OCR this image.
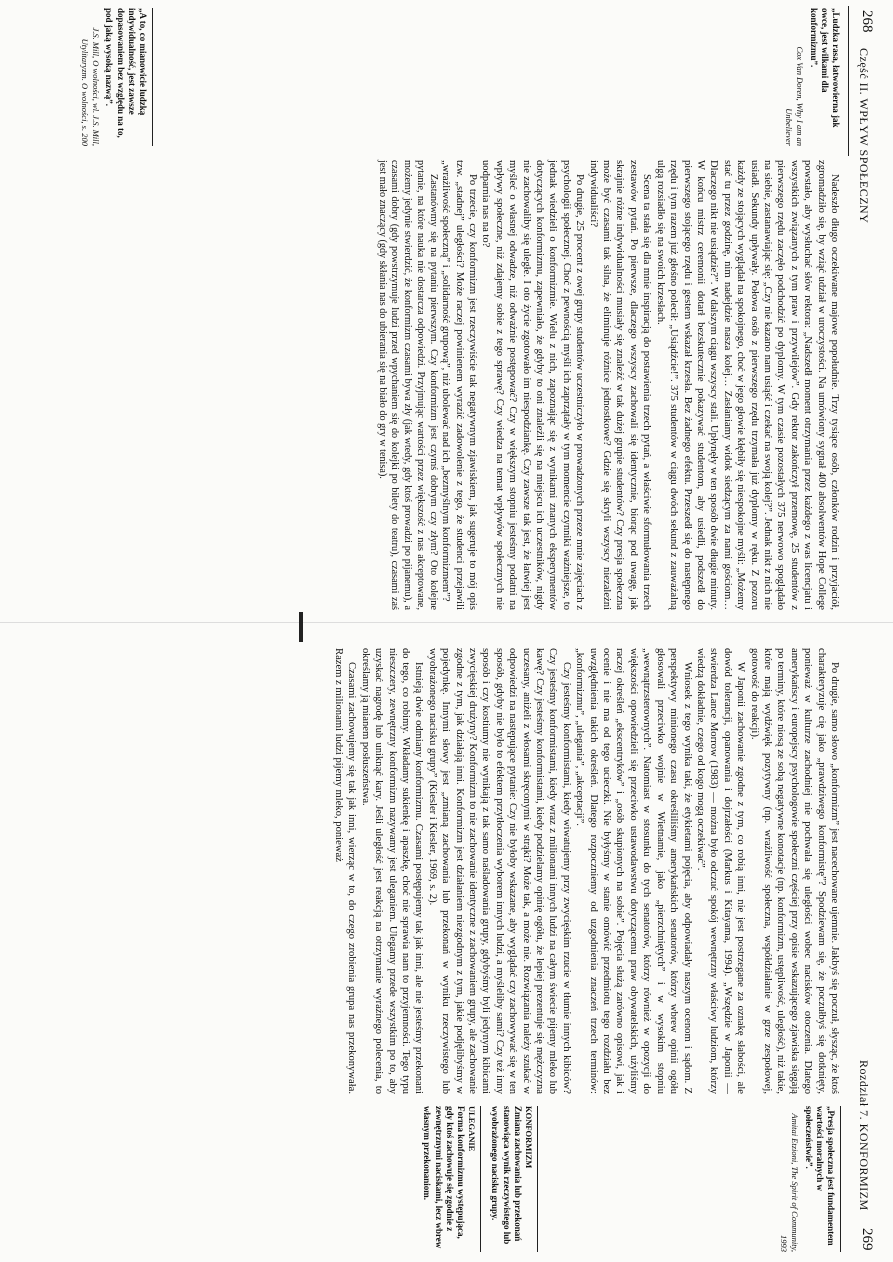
268
Część II. WPŁYW SPOŁECZNY
„Ludzka rasa, łatwowierna jak owce, jest wilkami dla konformizmu”.
Cox Van Doren, Why I am an Unbeliever

Nadeszło długo oczekiwane majowe popołudnie. Trzy tysiące osób, członków rodzin i przyjaciół, zgromadziło się, by wziąć udział w uroczystości. Na umówiony sygnał 400 absolwentów Hope College powstało, aby wysłuchać słów rektora: „Nadszedł moment otrzymania przez każdego z was licencjatu i wszystkich związanych z tym praw i przywilejów”. Gdy rektor zakończył przemowę, 25 studentów z pierwszego rzędu zaczęło podchodzić po dyplomy. W tym czasie pozostałych 375 nerwowo spoglądało na siebie, zastanawiając się: „Czy nie kazano nam usiąść i czekać na swoją kolej?”. Jednak nikt z nich nie usiadł. Sekundy upływały. Połowa osób z pierwszego rzędu trzymała już dyplomy w ręku. Z pozoru każdy ze stojących wyglądał na spokojnego, choć w jego głowie kłębiły się niespokojne myśli: „Możemy stać tu przez godzinę, nim nadejdzie nasza kolej… Zasłaniamy widok siedzącym za nami gościom… Dlaczego nikt nie usiądzie?”. W dalszym ciągu wszyscy stali. Upłynęły w ten sposób dwie długie minuty. W końcu mistrz ceremonii dotarł bezskutecznie pokazywać studentom, aby usiedli, podszedł do pierwszego stojącego rzędu i gestem wskazał krzesła. Bez żadnego efektu. Przeszedł się do następnego rzędu i tym razem już głośno polecił: „Usiądźcie!”. 375 studentów w ciągu dwóch sekund z zauważalną ulgą rozsiadło się na swoich krzesłach.

Scena ta stała się dla mnie inspiracją do postawienia trzech pytań, a właściwie sformułowania trzech zestawów pytań. Po pierwsze, dlaczego wszyscy zachowali się identycznie, biorąc pod uwagę, jak skrajnie różne indywidualności musiały się znaleźć w tak dużej grupie studentów? Czy presja społeczna może być czasami tak silna, że eliminuje różnice jednostkowe? Gdzie się skryli wszyscy niezależni indywidualiści?

Po drugie, 25 procent z owej grupy studentów uczestniczyło w prowadzonych przeze mnie zajęciach z psychologii społecznej. Choć z pewnością myśli ich zaprzątały w tym momencie czynniki ważniejsze, to jednak wiedzieli o konformizmie. Wielu z nich, zapoznając się z wynikami znanych eksperymentów dotyczących konformizmu, zapewniało, że gdyby to oni znaleźli się na miejscu ich uczestników, nigdy nie zachowaliby się uległe. I oto życie zgotowało im niespodziankę. Czy zawsze tak jest, że łatwiej jest myśleć o własnej odwadze, niż odważnie postępować? Czy w większym stopniu jesteśmy podatni na wpływy społeczne, niż zdajemy sobie z tego sprawę? Czy wiedza na temat wpływów społecznych nie uodparnia nas na to?

Po trzecie, czy konformizm jest rzeczywiście tak negatywnym zjawiskiem, jak sugeruje to mój opis tzw. „stadnej” uległości? Może raczej powinienem wyrazić zadowolenie z tego, że studenci przejawili „wrażliwość społeczną” i „solidarność grupową”, niż ubolewać nad ich „bezmyślnym konformizmem”?

Zastanówmy się na pytaniu pierwszym. Czy konformizm jest czymś dobrym czy złym? Oto kolejne pytanie, na które nauka nie dostarcza odpowiedzi. Przyjmując wartości przez większość z nas akceptowane, możemy jedynie stwierdzić, że konformizm czasami bywa zły (jak wtedy, gdy ktoś prowadzi po pijanemu), a czasami dobry (gdy powstrzymuje ludzi przed wpychaniem się do kolejki po bilety do teatru), czasami zaś jest mało znaczący (gdy skłania nas do ubierania się na biało do gry w tenisa).

„A to, co mianowicie ludzką indywidualność, jest zawsze dopasowaniem bez względu na to, pod jaką wysoką nazwą”.
J.S. Mill, O wolności, wl. J.S. Mill, Utylitaryzm. O wolności, s. 200
Rozdział 7. KONFORMIZM
269

Po drugie, samo słowo „konformizm” jest nacechowane ujemnie. Jakbyś się poczuł, słysząc, że ktoś charakteryzuje cię jako „prawdziwego konformistę”? Spodziewam się, że poczułbyś się dotknięty, ponieważ w kulturze zachodniej nie pochwala się uległości wobec nacisków otoczenia. Dlatego amerykańscy i europejscy psychologowie społeczni częściej przy opisie wskazującego zjawiska sięgają po terminy, które niosą ze sobą negatywne konotacje (np. konformizm, ustępliwość, uległość), niż takie, które mają wydźwięk pozytywny (np. wrażliwość społeczna, współdziałanie w grze zespołowej, gotowość do reakcji).

W Japonii zachowanie zgodne z tym, co robią inni, nie jest postrzegane za oznakę słabości, ale dowód tolerancji, opanowania i dojrzałości (Markus i Kitayama, 1994). „Wszędzie w Japonii — stwierdza Lance Morrow (1983) — można było odczuć spokój wewnętrzny właściwy ludziom, którzy wiedzą dokładnie, czego od kogo mogą oczekiwać”.

Wniosek z tego wynika taki, że etykietami pojęcia, aby odpowiadały naszym ocenom i sądom. Z perspektywy minionego czasu określiliśmy amerykańskich senatorów, którzy wbrew opinii ogółu głosowali przeciwko wojnie w Wietnamie, jako „pierzchniętych” i w wysokim stopniu „wewnątrzsterownych”. Natomiast w stosunku do tych senatorów, którzy również w opozycji do większości opowiedzieli się przeciwko ustawodawstwu dotyczącemu praw obywatelskich, użyliśmy raczej określeń „ekscentryków” i „osób skupionych na sobie”. Pojęcia służą zarówno opisowi, jak i ocenie i nie ma od tego ucieczki. Nie byłyśmy w stanie omówić przedmiotu tego rozdziału bez uwzględnienia takich określeń. Dlatego rozpoczniemy od uzgodnienia znaczeń trzech terminów: „konformizmu”, „ulegania”, „akceptacji”.

Czy jesteśmy konformistami, kiedy wiwatujemy przy zwycięskim rzucie w tłumie innych kibiców? Czy jesteśmy konformistami, kiedy wraz z milionami innych ludzi na całym świecie pijemy mleko lub kawę? Czy jesteśmy konformistami, kiedy podzielamy opinię ogółu, że lepiej prezentuje się mężczyzna uczesany, aniżeli z włosami skręconymi w strąki? Może tak, a może nie. Rozwiązania należy szukać w odpowiedzi na następujące pytanie: Czy nie byłoby wskazane, aby wyglądać czy zachowywać się w ten sposób, gdyby nie było to efektem przytłoczenia wyborem innych ludzi, a myśleliby sami? Czy też inny sposób i czy kostiumy nie wynikają z tak samo naśladowania grupy, gdybyśmy byli jedynym kibicami zwycięskiej drużyny? Konformizm to nie zachowanie identyczne z zachowaniem grupy, ale zachowanie zgodne z tym, jak działają inni. Konformizm jest działaniem niezgodnym z tym, jakie podjęlibyśmy w pojedynkę. Innymi słowy jest „zmianą zachowania lub przekonań w wyniku rzeczywistego lub wyobrażonego nacisku grupy” (Kiesler i Kiesler, 1969, s. 2).

Istnieją dwie odmiany konformizmu. Czasami postępujemy tak jak inni, ale nie jesteśmy przekonani do tego, co robimy. Wkładamy sukienkę i apaszkę, choć nie sprawia nam to przyjemności. Tego typu nieszczery, zewnętrzny konformizm nazywamy jest uleganiem. Ulegamy przede wszystkim po to, aby uzyskać nagrodę lub uniknąć kary. Jeśli uległość jest reakcją na otrzymanie wyraźnego polecenia, to określamy ją mianem posłuszeństwa.

Czasami zachowujemy się tak jak inni, wierząc w to, do czego zrobienia grupa nas przekonywała. Razem z milionami ludzi pijemy mleko, ponieważ

„Presja społeczna jest fundamentem wartości moralnych w społeczeństwie”.
Amitai Etzioni, The Spirit of Community, 1993
KONFORMIZM
Zmiana zachowania lub przekonań stanowiąca wynik rzeczywistego lub wyobrażonego nacisku grupy.
ULEGANIE
Forma konformizmu występująca, gdy ktoś zachowuje się zgodnie z zewnętrznymi naciskami, lecz wbrew własnym przekonaniom.
